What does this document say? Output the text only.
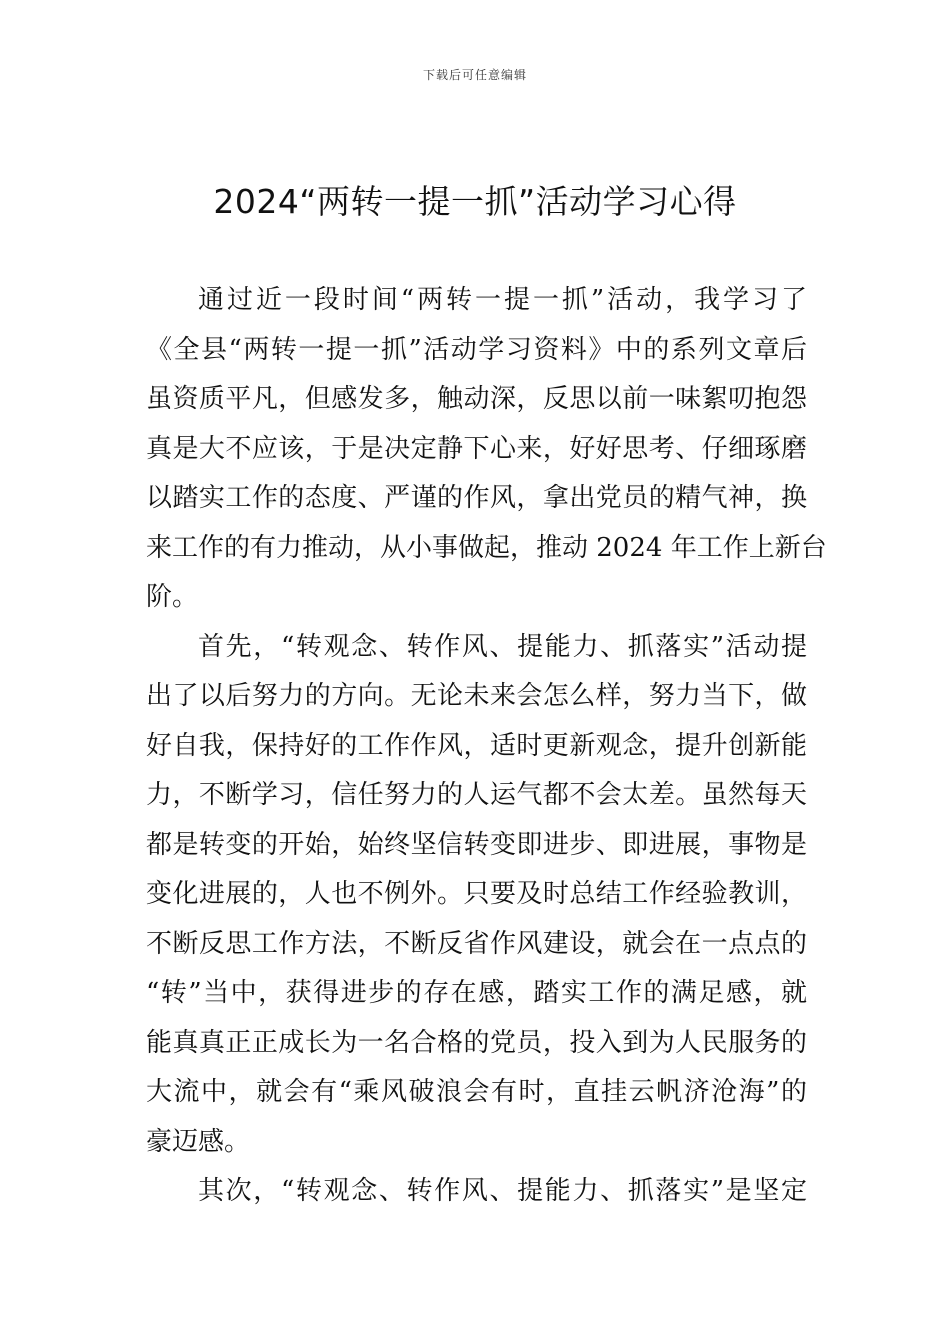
下载后可任意编辑
2024“两转一提一抓”活动学习心得
通过近一段时间“两转一提一抓”活动，我学习了
《全县“两转一提一抓”活动学习资料》中的系列文章后
虽资质平凡，但感发多，触动深，反思以前一味絮叨抱怨
真是大不应该，于是决定静下心来，好好思考、仔细琢磨
以踏实工作的态度、严谨的作风，拿出党员的精气神，换
来工作的有力推动，从小事做起，推动 2024 年工作上新台
阶。
首先，“转观念、转作风、提能力、抓落实”活动提
出了以后努力的方向。无论未来会怎么样，努力当下，做
好自我，保持好的工作作风，适时更新观念，提升创新能
力，不断学习，信任努力的人运气都不会太差。虽然每天
都是转变的开始，始终坚信转变即进步、即进展，事物是
变化进展的，人也不例外。只要及时总结工作经验教训，
不断反思工作方法，不断反省作风建设，就会在一点点的
“转”当中，获得进步的存在感，踏实工作的满足感，就
能真真正正成长为一名合格的党员，投入到为人民服务的
大流中，就会有“乘风破浪会有时，直挂云帆济沧海”的
豪迈感。
其次，“转观念、转作风、提能力、抓落实”是坚定
